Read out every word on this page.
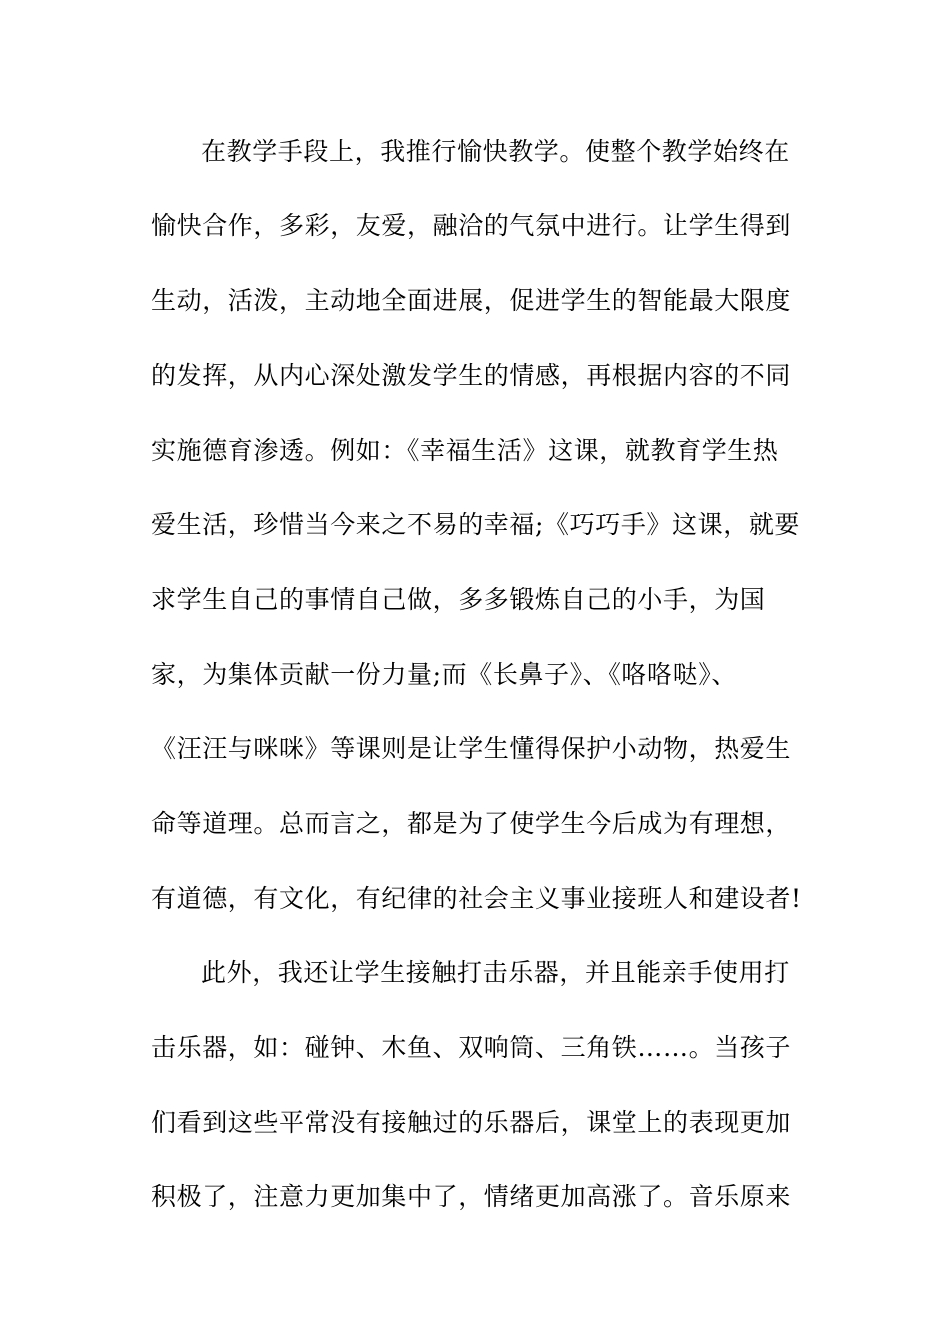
在教学手段上，我推行愉快教学。使整个教学始终在
愉快合作，多彩，友爱，融洽的气氛中进行。让学生得到
生动，活泼，主动地全面进展，促进学生的智能最大限度
的发挥，从内心深处激发学生的情感，再根据内容的不同
实施德育渗透。例如：《幸福生活》这课，就教育学生热
爱生活，珍惜当今来之不易的幸福;《巧巧手》这课，就要
求学生自己的事情自己做，多多锻炼自己的小手，为国
家，为集体贡献一份力量;而《长鼻子》、《咯咯哒》、
《汪汪与咪咪》等课则是让学生懂得保护小动物，热爱生
命等道理。总而言之，都是为了使学生今后成为有理想，
有道德，有文化，有纪律的社会主义事业接班人和建设者!
此外，我还让学生接触打击乐器，并且能亲手使用打
击乐器，如：碰钟、木鱼、双响筒、三角铁……。当孩子
们看到这些平常没有接触过的乐器后，课堂上的表现更加
积极了，注意力更加集中了，情绪更加高涨了。音乐原来
